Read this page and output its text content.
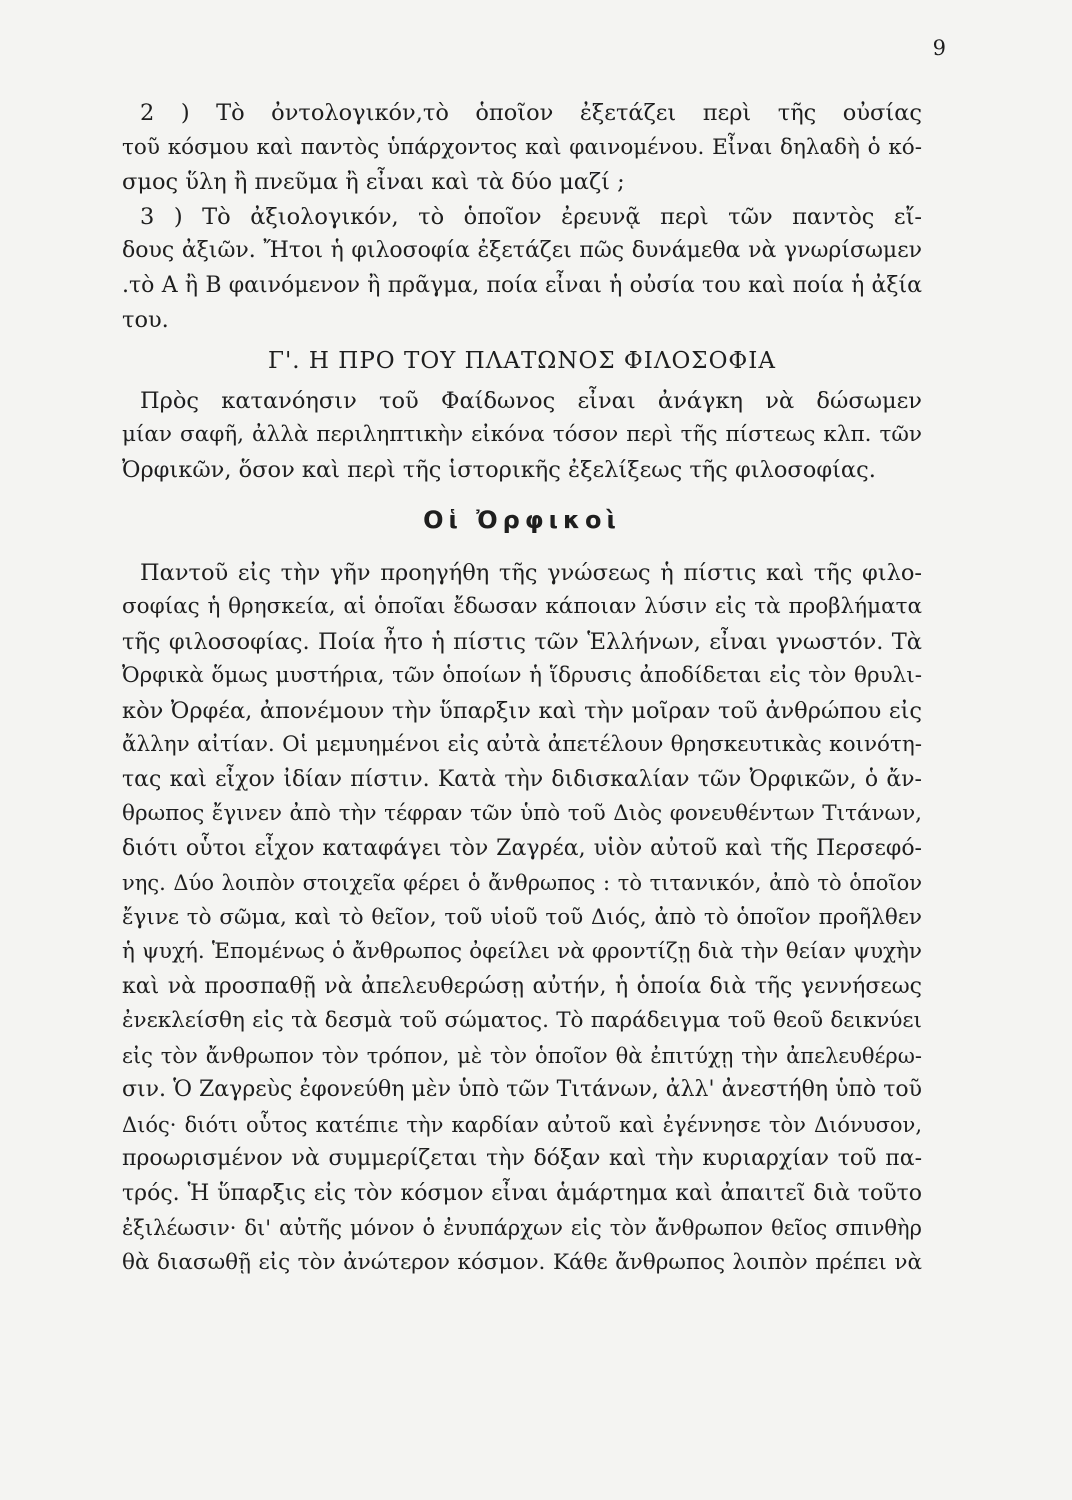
9
2 ) Τὸ ὀντολογικόν,τὸ ὁποῖον ἐξετάζει περὶ τῆς οὐσίας
τοῦ κόσμου καὶ παντὸς ὑπάρχοντος καὶ φαινομένου. Εἶναι δηλαδὴ ὁ κό-
σμος ὕλη ἢ πνεῦμα ἢ εἶναι καὶ τὰ δύο μαζί ;
3 ) Τὸ ἀξιολογικόν, τὸ ὁποῖον ἐρευνᾷ περὶ τῶν παντὸς εἴ-
δους ἀξιῶν. Ἤτοι ἡ φιλοσοφία ἐξετάζει πῶς δυνάμεθα νὰ γνωρίσωμεν
.τὸ Α ἢ Β φαινόμενον ἢ πρᾶγμα, ποία εἶναι ἡ οὐσία του καὶ ποία ἡ ἀξία
του.
Γ'. Η ΠΡΟ ΤΟΥ ΠΛΑΤΩΝΟΣ ΦΙΛΟΣΟΦΙΑ
Πρὸς κατανόησιν τοῦ Φαίδωνος εἶναι ἀνάγκη νὰ δώσωμεν
μίαν σαφῆ, ἀλλὰ περιληπτικὴν εἰκόνα τόσον περὶ τῆς πίστεως κλπ. τῶν
Ὀρφικῶν, ὅσον καὶ περὶ τῆς ἱστορικῆς ἐξελίξεως τῆς φιλοσοφίας.
Οἱ Ὀρφικοὶ
Παντοῦ εἰς τὴν γῆν προηγήθη τῆς γνώσεως ἡ πίστις καὶ τῆς φιλο-
σοφίας ἡ θρησκεία, αἱ ὁποῖαι ἔδωσαν κάποιαν λύσιν εἰς τὰ προβλήματα
τῆς φιλοσοφίας. Ποία ἦτο ἡ πίστις τῶν Ἑλλήνων, εἶναι γνωστόν. Τὰ
Ὀρφικὰ ὅμως μυστήρια, τῶν ὁποίων ἡ ἵδρυσις ἀποδίδεται εἰς τὸν θρυλι-
κὸν Ὀρφέα, ἀπονέμουν τὴν ὕπαρξιν καὶ τὴν μοῖραν τοῦ ἀνθρώπου εἰς
ἄλλην αἰτίαν. Οἱ μεμυημένοι εἰς αὐτὰ ἀπετέλουν θρησκευτικὰς κοινότη-
τας καὶ εἶχον ἰδίαν πίστιν. Κατὰ τὴν διδισκαλίαν τῶν Ὀρφικῶν, ὁ ἄν-
θρωπος ἔγινεν ἀπὸ τὴν τέφραν τῶν ὑπὸ τοῦ Διὸς φονευθέντων Τιτάνων,
διότι οὗτοι εἶχον καταφάγει τὸν Ζαγρέα, υἱὸν αὐτοῦ καὶ τῆς Περσεφό-
νης. Δύο λοιπὸν στοιχεῖα φέρει ὁ ἄνθρωπος : τὸ τιτανικόν, ἀπὸ τὸ ὁποῖον
ἔγινε τὸ σῶμα, καὶ τὸ θεῖον, τοῦ υἱοῦ τοῦ Διός, ἀπὸ τὸ ὁποῖον προῆλθεν
ἡ ψυχή. Ἑπομένως ὁ ἄνθρωπος ὀφείλει νὰ φροντίζῃ διὰ τὴν θείαν ψυχὴν
καὶ νὰ προσπαθῇ νὰ ἀπελευθερώσῃ αὐτήν, ἡ ὁποία διὰ τῆς γεννήσεως
ἐνεκλείσθη εἰς τὰ δεσμὰ τοῦ σώματος. Τὸ παράδειγμα τοῦ θεοῦ δεικνύει
εἰς τὸν ἄνθρωπον τὸν τρόπον, μὲ τὸν ὁποῖον θὰ ἐπιτύχῃ τὴν ἀπελευθέρω-
σιν. Ὁ Ζαγρεὺς ἐφονεύθη μὲν ὑπὸ τῶν Τιτάνων, ἀλλ' ἀνεστήθη ὑπὸ τοῦ
Διός· διότι οὗτος κατέπιε τὴν καρδίαν αὐτοῦ καὶ ἐγέννησε τὸν Διόνυσον,
προωρισμένον νὰ συμμερίζεται τὴν δόξαν καὶ τὴν κυριαρχίαν τοῦ πα-
τρός. Ἡ ὕπαρξις εἰς τὸν κόσμον εἶναι ἁμάρτημα καὶ ἀπαιτεῖ διὰ τοῦτο
ἐξιλέωσιν· δι' αὐτῆς μόνον ὁ ἐνυπάρχων εἰς τὸν ἄνθρωπον θεῖος σπινθὴρ
θὰ διασωθῇ εἰς τὸν ἀνώτερον κόσμον. Κάθε ἄνθρωπος λοιπὸν πρέπει νὰ
